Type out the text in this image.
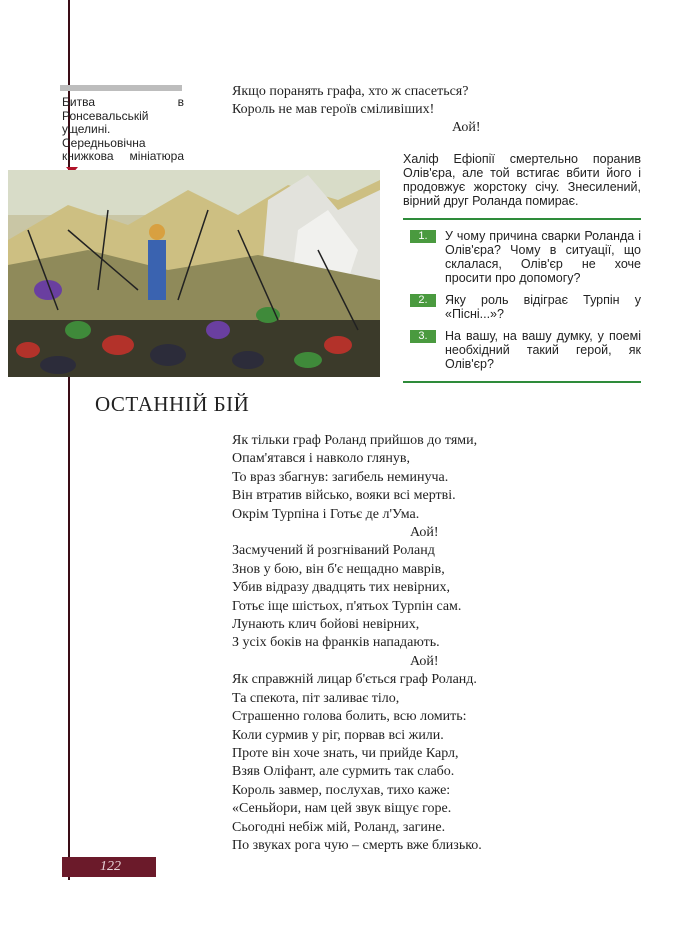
Битва в Ронсевальській ущелині. Середньовічна книжкова мініатюра
Якщо поранять графа, хто ж спасеться?
Король не мав героїв сміливіших!
Аой!
Халіф Ефіопії смертельно поранив Олів'єра, але той встигає вбити його і продовжує жорстоку січу. Знесилений, вірний друг Роланда помирає.
1.	У чому причина сварки Роланда і Олів'єра? Чому в ситуації, що склалася, Олів'єр не хоче просити про допомогу?
2.	Яку роль відіграє Турпін у «Пісні...»?
3.	На вашу, на вашу думку, у поемі необхідний такий герой, як Олів'єр?
ОСТАННІЙ БІЙ
Як тільки граф Роланд прийшов до тями,
Опам'ятався і навколо глянув,
То враз збагнув: загибель неминуча.
Він втратив військо, вояки всі мертві.
Окрім Турпіна і Готьє де л'Ума.
Аой!
Засмучений й розгніваний Роланд
Знов у бою, він б'є нещадно маврів,
Убив відразу двадцять тих невірних,
Готьє іще шістьох, п'ятьох Турпін сам.
Лунають клич бойові невірних,
З усіх боків на франків нападають.
Аой!
Як справжній лицар б'ється граф Роланд.
Та спекота, піт заливає тіло,
Страшенно голова болить, всю ломить:
Коли сурмив у ріг, порвав всі жили.
Проте він хоче знать, чи прийде Карл,
Взяв Оліфант, але сурмить так слабо.
Король завмер, послухав, тихо каже:
«Сеньйори, нам цей звук віщує горе.
Сьогодні небіж мій, Роланд, загине.
По звуках рога чую – смерть вже близько.
122
